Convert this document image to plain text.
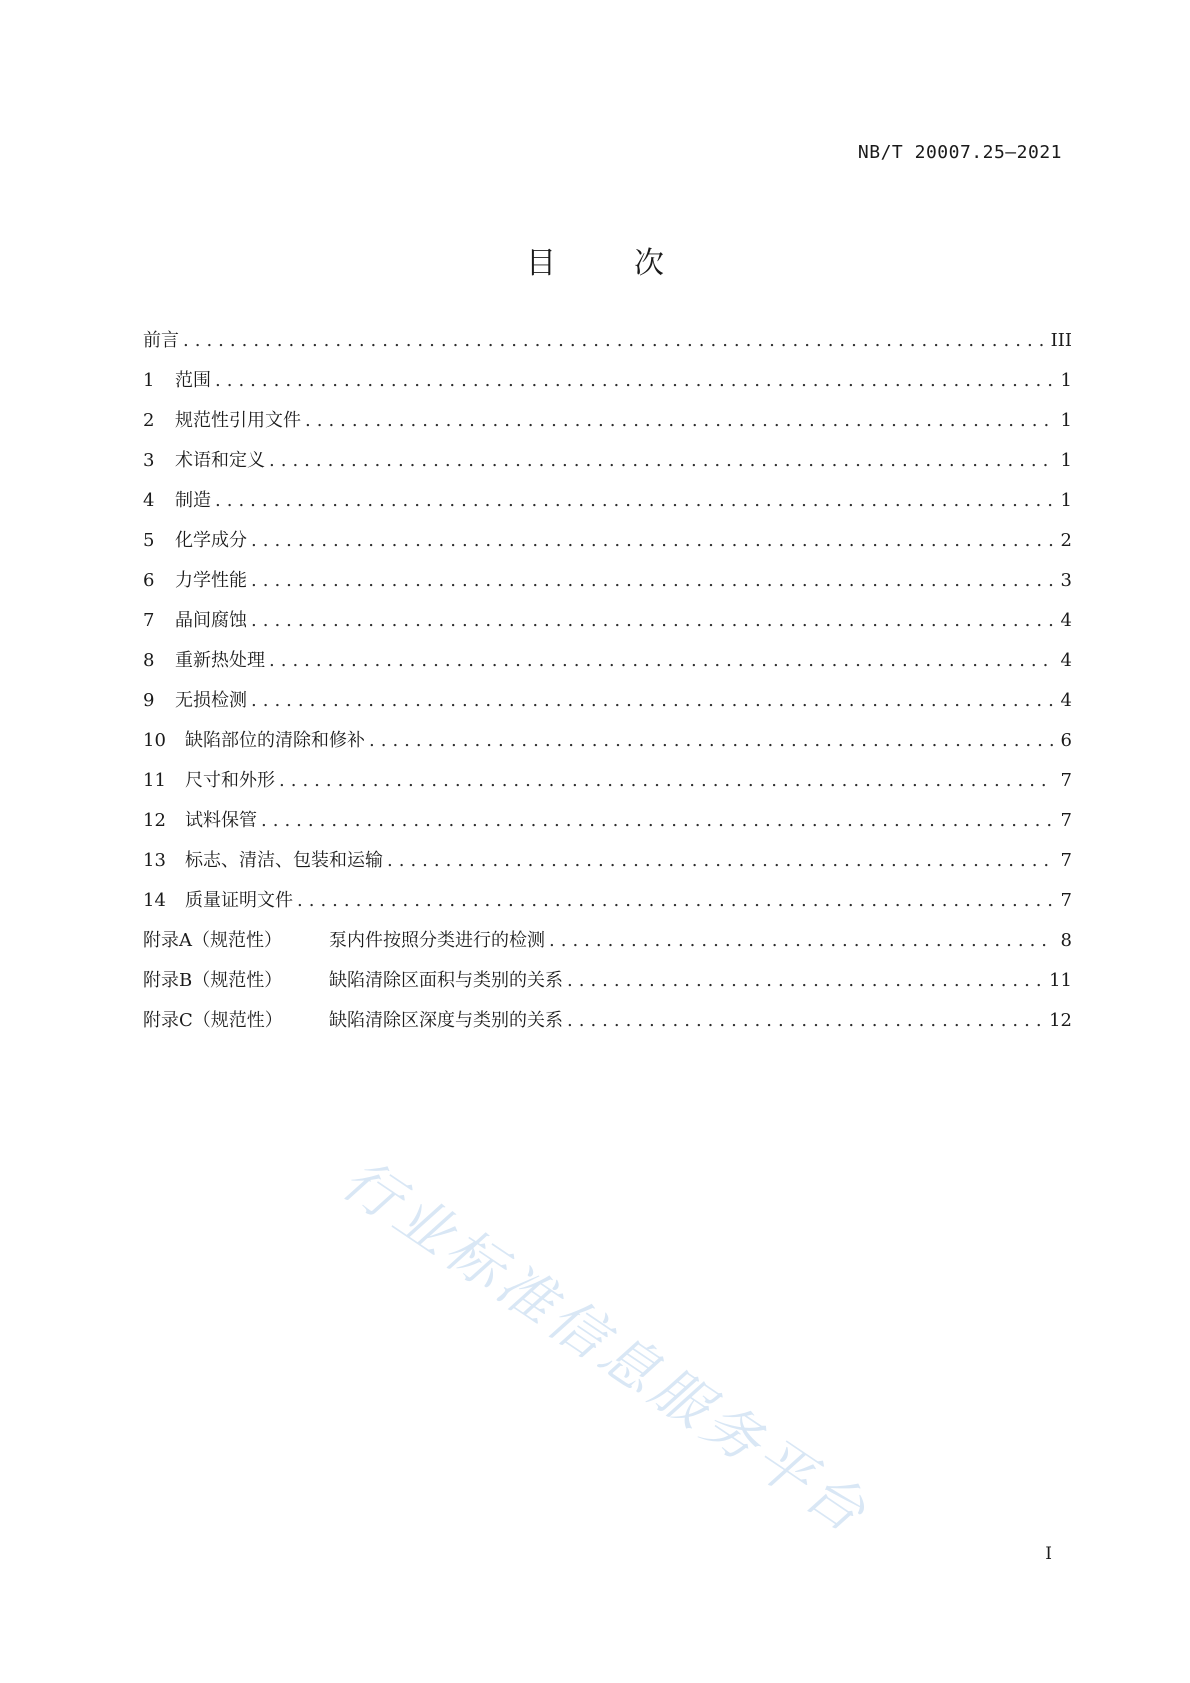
NB/T 20007.25—2021
目	次
前言 .....	III
1	范围 .....	1
2	规范性引用文件 .....	1
3	术语和定义 .....	1
4	制造 .....	1
5	化学成分 .....	2
6	力学性能 .....	3
7	晶间腐蚀 .....	4
8	重新热处理 .....	4
9	无损检测 .....	4
10	缺陷部位的清除和修补 .....	6
11	尺寸和外形 .....	7
12	试料保管 .....	7
13	标志、清洁、包装和运输 .....	7
14	质量证明文件 .....	7
附录A（规范性）	泵内件按照分类进行的检测 .....	8
附录B（规范性）	缺陷清除区面积与类别的关系 .....	11
附录C（规范性）	缺陷清除区深度与类别的关系 .....	12
行业标准信息服务平台
I
